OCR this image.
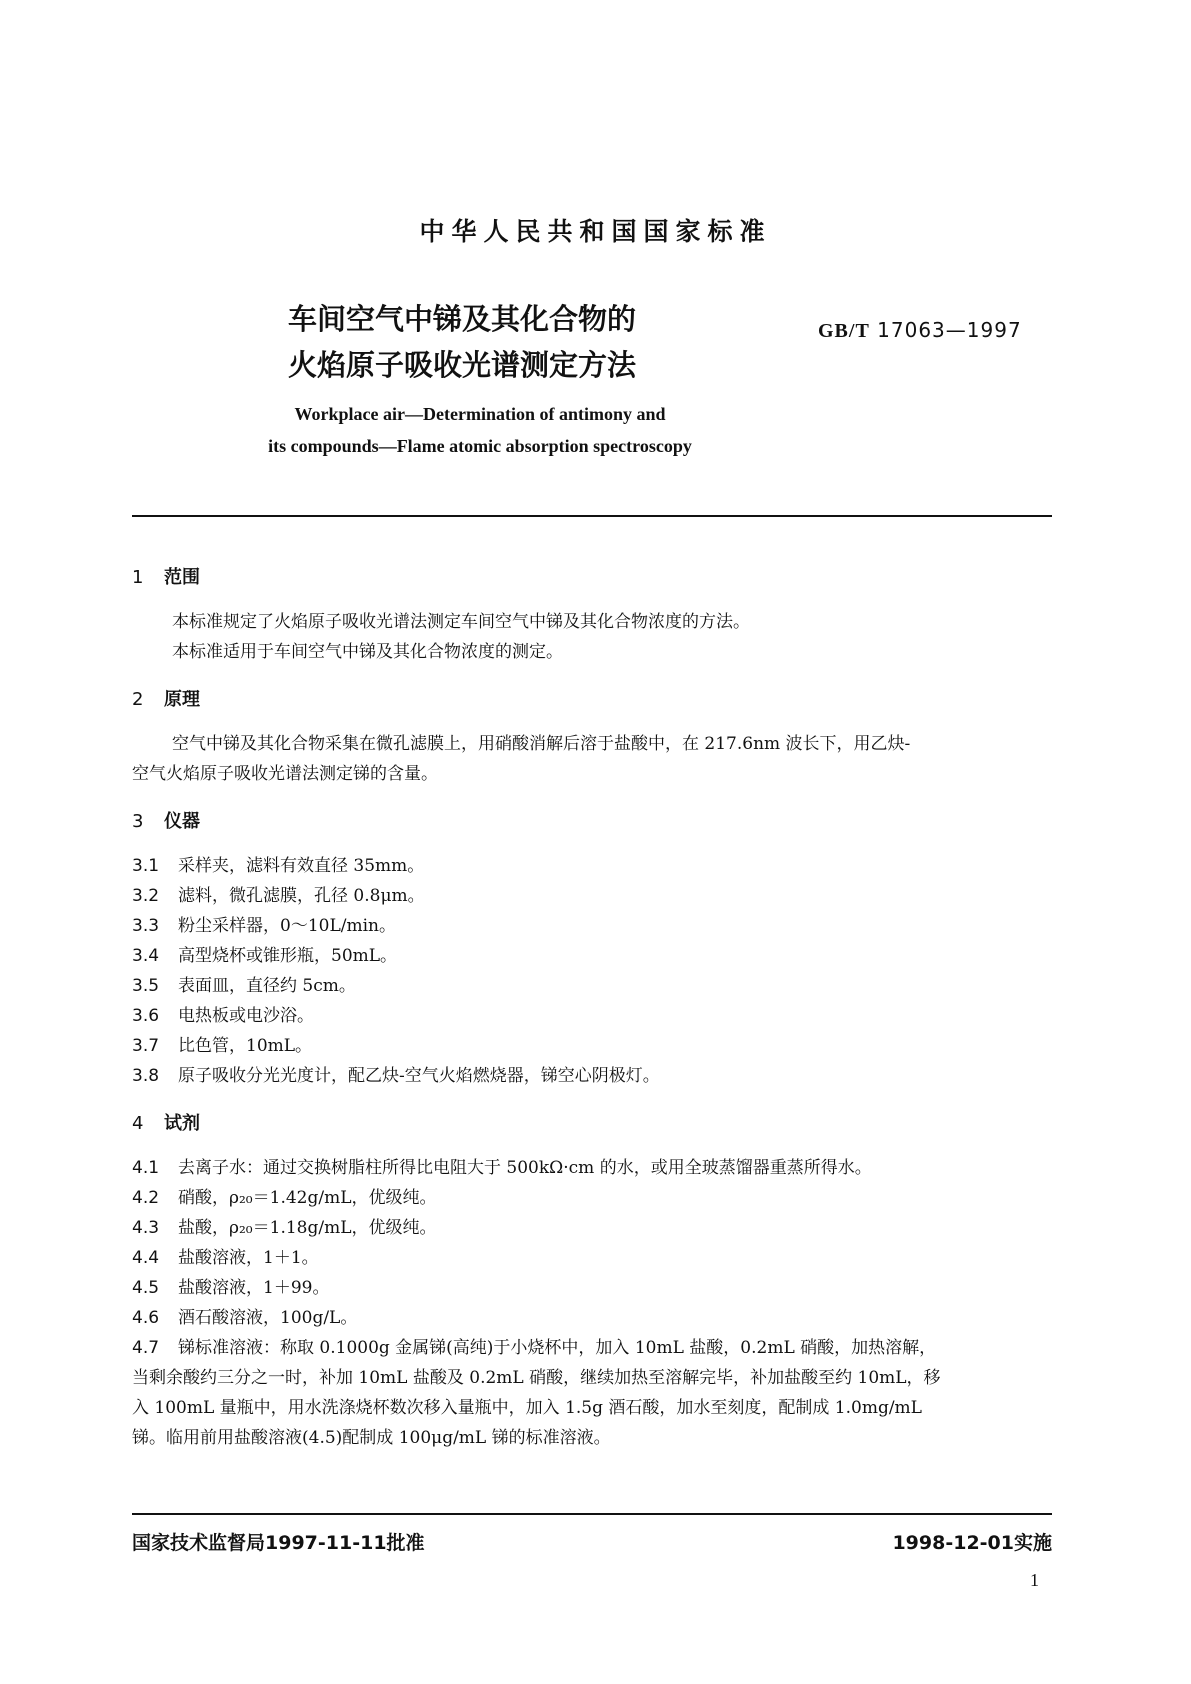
中华人民共和国国家标准
车间空气中锑及其化合物的
火焰原子吸收光谱测定方法
GB/T 17063—1997
Workplace air—Determination of antimony and
its compounds—Flame atomic absorption spectroscopy
1 范围
本标准规定了火焰原子吸收光谱法测定车间空气中锑及其化合物浓度的方法。
本标准适用于车间空气中锑及其化合物浓度的测定。
2 原理
空气中锑及其化合物采集在微孔滤膜上，用硝酸消解后溶于盐酸中，在 217.6nm 波长下，用乙炔-
空气火焰原子吸收光谱法测定锑的含量。
3 仪器
3.1	采样夹，滤料有效直径 35mm。
3.2	滤料，微孔滤膜，孔径 0.8μm。
3.3	粉尘采样器，0～10L/min。
3.4	高型烧杯或锥形瓶，50mL。
3.5	表面皿，直径约 5cm。
3.6	电热板或电沙浴。
3.7	比色管，10mL。
3.8	原子吸收分光光度计，配乙炔-空气火焰燃烧器，锑空心阴极灯。
4 试剂
4.1	去离子水：通过交换树脂柱所得比电阻大于 500kΩ·cm 的水，或用全玻蒸馏器重蒸所得水。
4.2	硝酸，ρ₂₀＝1.42g/mL，优级纯。
4.3	盐酸，ρ₂₀＝1.18g/mL，优级纯。
4.4	盐酸溶液，1＋1。
4.5	盐酸溶液，1＋99。
4.6	酒石酸溶液，100g/L。
4.7	锑标准溶液：称取 0.1000g 金属锑(高纯)于小烧杯中，加入 10mL 盐酸，0.2mL 硝酸，加热溶解，
当剩余酸约三分之一时，补加 10mL 盐酸及 0.2mL 硝酸，继续加热至溶解完毕，补加盐酸至约 10mL，移
入 100mL 量瓶中，用水洗涤烧杯数次移入量瓶中，加入 1.5g 酒石酸，加水至刻度，配制成 1.0mg/mL
锑。临用前用盐酸溶液(4.5)配制成 100μg/mL 锑的标准溶液。
国家技术监督局1997-11-11批准	1998-12-01实施
1
